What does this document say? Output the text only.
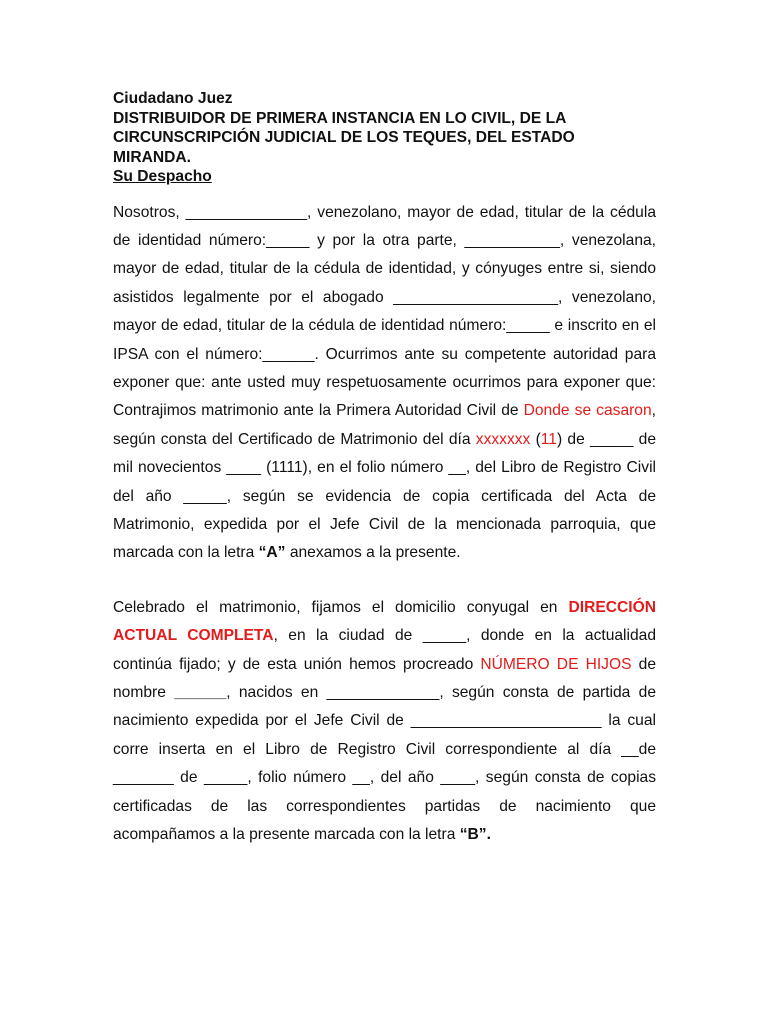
Ciudadano Juez
DISTRIBUIDOR DE PRIMERA INSTANCIA EN LO CIVIL, DE LA
CIRCUNSCRIPCIÓN JUDICIAL DE LOS TEQUES, DEL ESTADO
MIRANDA.
Su Despacho

Nosotros, ______________, venezolano, mayor de edad, titular de la cédula de identidad número:_____ y por la otra parte, ___________, venezolana, mayor de edad, titular de la cédula de identidad, y cónyuges entre si, siendo asistidos legalmente por el abogado ___________________, venezolano, mayor de edad, titular de la cédula de identidad número:_____ e inscrito en el IPSA con el número:______. Ocurrimos ante su competente autoridad para exponer que: ante usted muy respetuosamente ocurrimos para exponer que: Contrajimos matrimonio ante la Primera Autoridad Civil de Donde se casaron, según consta del Certificado de Matrimonio del día xxxxxxx (11) de _____ de mil novecientos ____ (1111), en el folio número __, del Libro de Registro Civil del año _____, según se evidencia de copia certificada del Acta de Matrimonio, expedida por el Jefe Civil de la mencionada parroquia, que marcada con la letra “A” anexamos a la presente.

Celebrado el matrimonio, fijamos el domicilio conyugal en DIRECCIÓN ACTUAL COMPLETA, en la ciudad de _____, donde en la actualidad continúa fijado; y de esta unión hemos procreado NÚMERO DE HIJOS de nombre ______, nacidos en _____________, según consta de partida de nacimiento expedida por el Jefe Civil de ______________________ la cual corre inserta en el Libro de Registro Civil correspondiente al día __de _______ de _____, folio número __, del año ____, según consta de copias certificadas de las correspondientes partidas de nacimiento que acompañamos a la presente marcada con la letra “B”.
